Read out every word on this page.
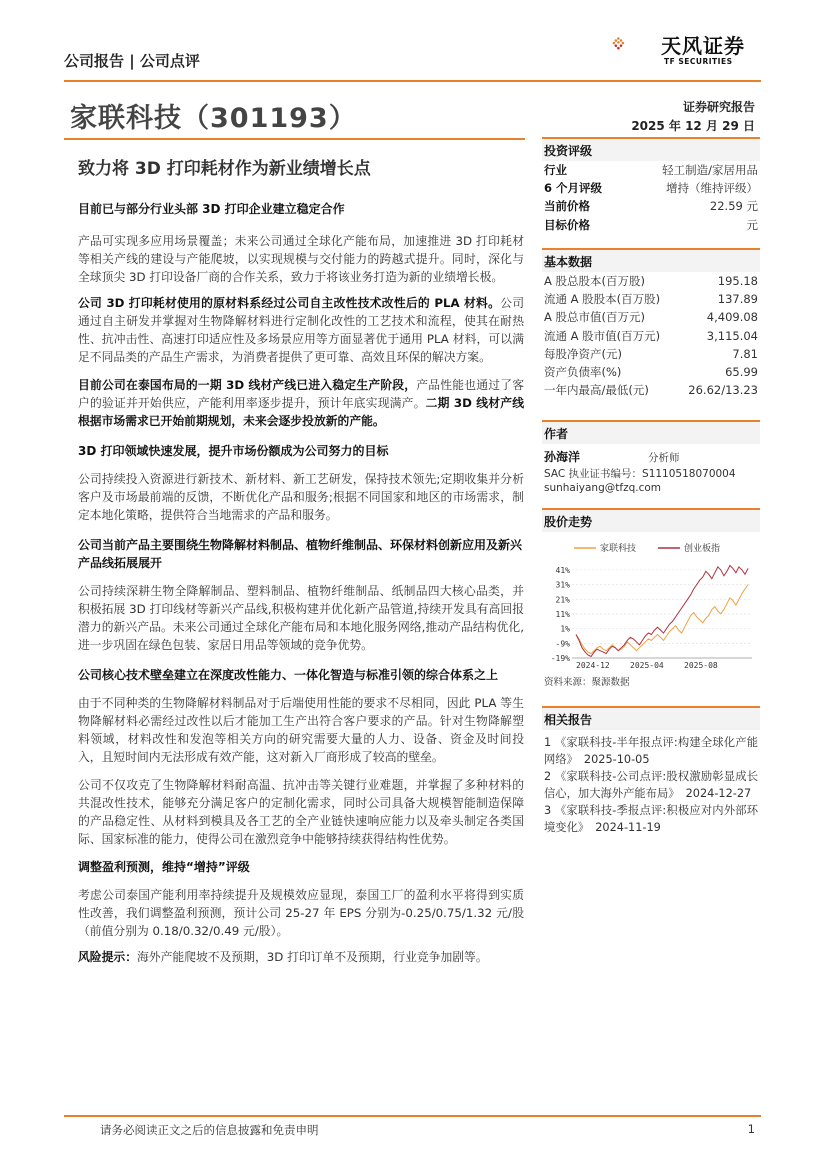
公司报告 | 公司点评
天风证券
TF SECURITIES
家联科技（301193）	证券研究报告
2025 年 12 月 29 日
致力将 3D 打印耗材作为新业绩增长点

目前已与部分行业头部 3D 打印企业建立稳定合作

产品可实现多应用场景覆盖；未来公司通过全球化产能布局，加速推进 3D 打印耗材等相关产线的建设与产能爬坡，以实现规模与交付能力的跨越式提升。同时，深化与全球顶尖 3D 打印设备厂商的合作关系，致力于将该业务打造为新的业绩增长极。

公司 3D 打印耗材使用的原材料系经过公司自主改性技术改性后的 PLA 材料。公司通过自主研发并掌握对生物降解材料进行定制化改性的工艺技术和流程，使其在耐热性、抗冲击性、高速打印适应性及多场景应用等方面显著优于通用 PLA 材料，可以满足不同品类的产品生产需求，为消费者提供了更可靠、高效且环保的解决方案。

目前公司在泰国布局的一期 3D 线材产线已进入稳定生产阶段，产品性能也通过了客户的验证并开始供应，产能利用率逐步提升，预计年底实现满产。二期 3D 线材产线根据市场需求已开始前期规划，未来会逐步投放新的产能。

3D 打印领域快速发展，提升市场份额成为公司努力的目标

公司持续投入资源进行新技术、新材料、新工艺研发，保持技术领先;定期收集并分析客户及市场最前端的反馈，不断优化产品和服务;根据不同国家和地区的市场需求，制定本地化策略，提供符合当地需求的产品和服务。

公司当前产品主要围绕生物降解材料制品、植物纤维制品、环保材料创新应用及新兴产品线拓展展开

公司持续深耕生物全降解制品、塑料制品、植物纤维制品、纸制品四大核心品类，并积极拓展 3D 打印线材等新兴产品线,积极构建并优化新产品管道,持续开发具有高回报潜力的新兴产品。未来公司通过全球化产能布局和本地化服务网络,推动产品结构优化,进一步巩固在绿色包装、家居日用品等领域的竞争优势。

公司核心技术壁垒建立在深度改性能力、一体化智造与标准引领的综合体系之上

由于不同种类的生物降解材料制品对于后端使用性能的要求不尽相同，因此 PLA 等生物降解材料必需经过改性以后才能加工生产出符合客户要求的产品。针对生物降解塑料领域，材料改性和发泡等相关方向的研究需要大量的人力、设备、资金及时间投入，且短时间内无法形成有效产能，这对新入厂商形成了较高的壁垒。

公司不仅攻克了生物降解材料耐高温、抗冲击等关键行业难题，并掌握了多种材料的共混改性技术，能够充分满足客户的定制化需求，同时公司具备大规模智能制造保障的产品稳定性、从材料到模具及各工艺的全产业链快速响应能力以及牵头制定各类国际、国家标准的能力，使得公司在激烈竞争中能够持续获得结构性优势。

调整盈利预测，维持“增持”评级

考虑公司泰国产能利用率持续提升及规模效应显现，泰国工厂的盈利水平将得到实质性改善，我们调整盈利预测，预计公司 25-27 年 EPS 分别为-0.25/0.75/1.32 元/股（前值分别为 0.18/0.32/0.49 元/股）。

风险提示：海外产能爬坡不及预期，3D 打印订单不及预期，行业竞争加剧等。

投资评级
行业	轻工制造/家居用品
6 个月评级	增持（维持评级）
当前价格	22.59 元
目标价格	元
基本数据
A 股总股本(百万股)	195.18
流通 A 股股本(百万股)	137.89
A 股总市值(百万元)	4,409.08
流通 A 股市值(百万元)	3,115.04
每股净资产(元)	7.81
资产负债率(%)	65.99
一年内最高/最低(元)	26.62/13.23
作者
孙海洋	分析师
SAC 执业证书编号：S1110518070004
sunhaiyang@tfzq.com
股价走势
家联科技	创业板指
-19%
-9%
1%
11%
21%
31%
41%
2024-12	2025-04	2025-08
资料来源：聚源数据
相关报告

1 《家联科技-半年报点评:构建全球化产能网络》 2025-10-05

2 《家联科技-公司点评:股权激励彰显成长信心，加大海外产能布局》 2024-12-27

3 《家联科技-季报点评:积极应对内外部环境变化》 2024-11-19

请务必阅读正文之后的信息披露和免责申明	1
